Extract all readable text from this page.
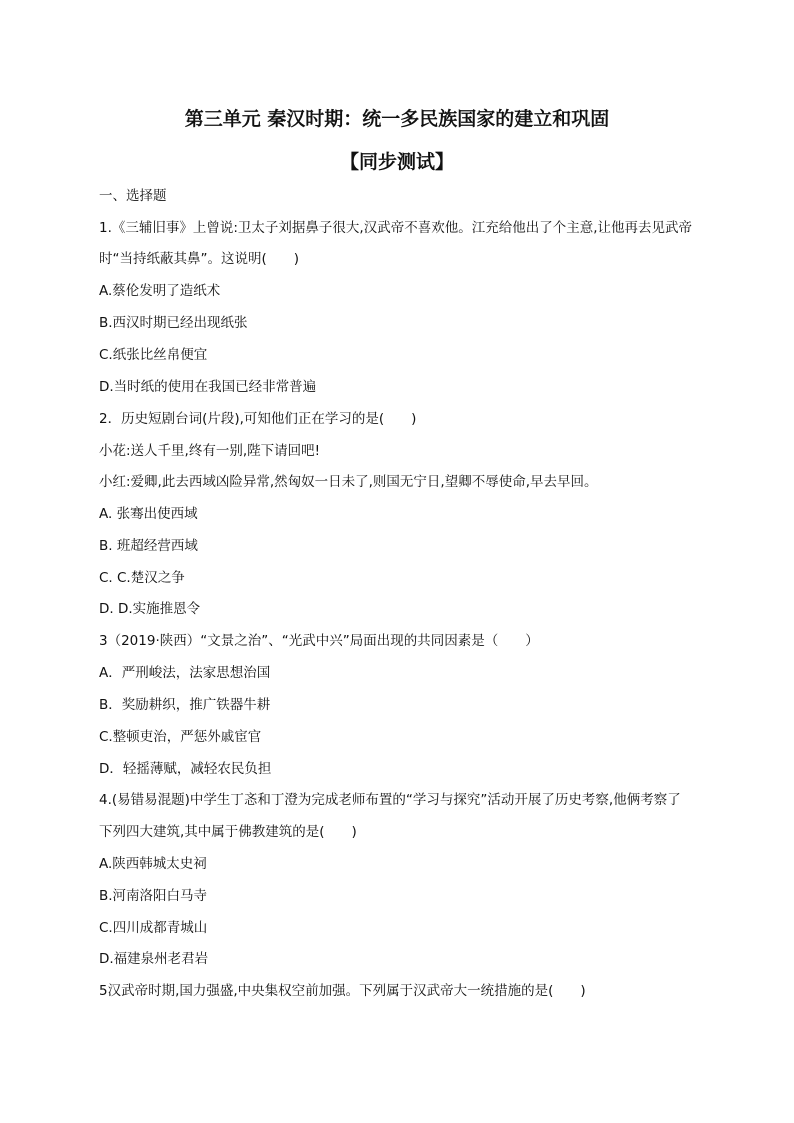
第三单元 秦汉时期：统一多民族国家的建立和巩固
【同步测试】
一、选择题
1.《三辅旧事》上曾说:卫太子刘据鼻子很大,汉武帝不喜欢他。江充给他出了个主意,让他再去见武帝
时“当持纸蔽其鼻”。这说明(　　)
A.蔡伦发明了造纸术
B.西汉时期已经出现纸张
C.纸张比丝帛便宜
D.当时纸的使用在我国已经非常普遍
2．历史短剧台词(片段),可知他们正在学习的是(　　)
小花:送人千里,终有一别,陛下请回吧!
小红:爱卿,此去西域凶险异常,然匈奴一日未了,则国无宁日,望卿不辱使命,早去早回。
A. 张骞出使西域
B. 班超经营西域
C. C.楚汉之争
D. D.实施推恩令
3（2019·陕西）“文景之治”、“光武中兴”局面出现的共同因素是（　　）
A．严刑峻法，法家思想治国
B．奖励耕织，推广铁器牛耕
C.整顿吏治，严惩外戚宦官
D．轻摇薄赋，减轻农民负担
4.(易错易混题)中学生丁忞和丁澄为完成老师布置的“学习与探究”活动开展了历史考察,他俩考察了
下列四大建筑,其中属于佛教建筑的是(　　)
A.陕西韩城太史祠
B.河南洛阳白马寺
C.四川成都青城山
D.福建泉州老君岩
5汉武帝时期,国力强盛,中央集权空前加强。下列属于汉武帝大一统措施的是(　　)
